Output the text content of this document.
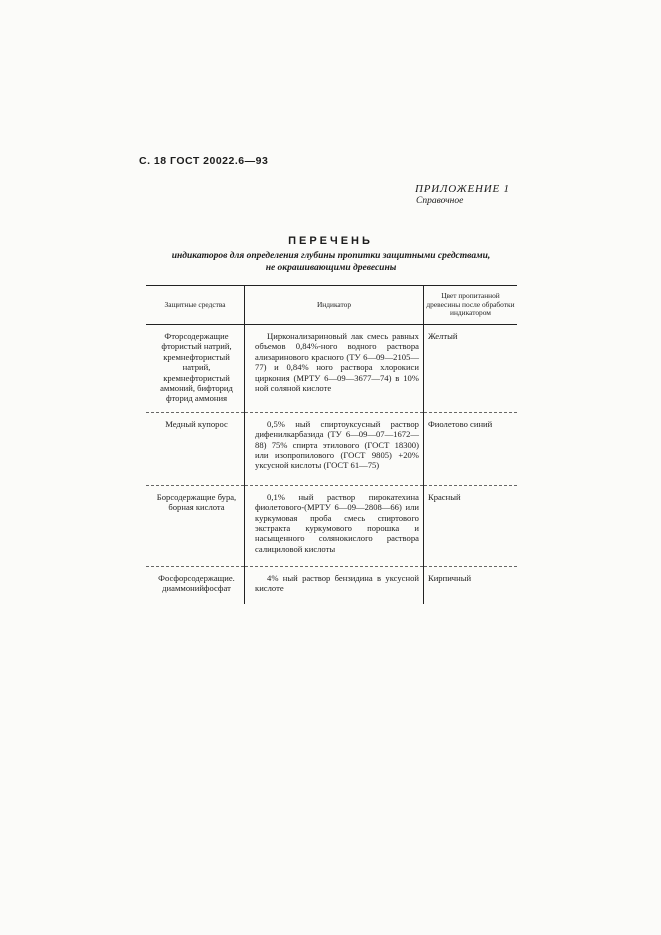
С. 18 ГОСТ 20022.6—93
ПРИЛОЖЕНИЕ 1
Справочное
ПЕРЕЧЕНЬ
индикаторов для определения глубины пропитки защитными средствами,
не окрашивающими древесины
Защитные средства	Индикатор	Цвет пропитанной древесины после обработки индикатором
Фторсодержащие фтористый натрий, кремнефтористый натрий, кремнефтористый аммоний, бифторид фторид аммония	Цирконализариновый лак смесь равных объемов 0,84%-ного водного раствора ализаринового красного (ТУ 6—09—2105—77) и 0,84% ного раствора хлорокиси циркония (МРТУ 6—09—3677—74) в 10% ной соляной кислоте	Желтый
Медный купорос	0,5% ный спиртоуксусный раствор дифенилкарбазида (ТУ 6—09—07—1672—88) 75% спирта этилового (ГОСТ 18300) или изопропилового (ГОСТ 9805) +20% уксусной кислоты (ГОСТ 61—75)	Фиолетово синий
Борсодержащие бура, борная кислота	0,1% ный раствор пирокатехина фиолетового-(МРТУ 6—09—2808—66) или куркумовая проба смесь спиртового экстракта куркумового порошка и насыщенного солянокислого раствора салициловой кислоты	Красный
Фосфорсодержащие. диаммонийфосфат	4% ный раствор бензидина в уксусной кислоте	Кирпичный
